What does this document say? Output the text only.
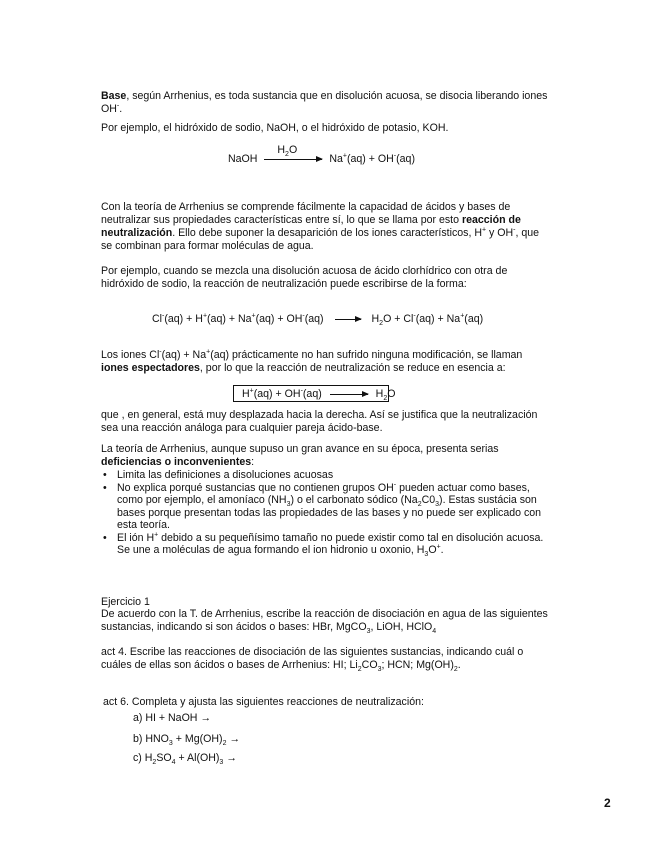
Base, según Arrhenius, es toda sustancia que en disolución acuosa, se disocia liberando iones OH-.

Por ejemplo, el hidróxido de sodio, NaOH, o el hidróxido de potasio, KOH.

NaOH
$H_2O$
Na+(aq) + OH-(aq)

Con la teoría de Arrhenius se comprende fácilmente la capacidad de ácidos y bases de neutralizar sus propiedades características entre sí, lo que se llama por esto reacción de neutralización. Ello debe suponer la desaparición de los iones característicos, H+ y OH-, que se combinan para formar moléculas de agua.

Por ejemplo, cuando se mezcla una disolución acuosa de ácido clorhídrico con otra de hidróxido de sodio, la reacción de neutralización puede escribirse de la forma:

Cl-(aq) + H+(aq) + Na+(aq) + OH-(aq)	$H_2O + Cl^-(aq) + Na^+(aq)$

Los iones Cl-(aq) + Na+(aq) prácticamente no han sufrido ninguna modificación, se llaman iones espectadores, por lo que la reacción de neutralización se reduce en esencia a:

H+(aq) + OH-(aq)	$H_2O$

que , en general, está muy desplazada hacia la derecha. Así se justifica que la neutralización sea una reacción análoga para cualquier pareja ácido-base.

La teoría de Arrhenius, aunque supuso un gran avance en su época, presenta serias deficiencias o inconvenientes:

• Limita las definiciones a disoluciones acuosas
• No explica porqué sustancias que no contienen grupos OH- pueden actuar como bases, como por ejemplo, el amoníaco $(NH_3)$ o el carbonato sódico $(Na_2C0_3)$. Estas sustácia son bases porque presentan todas las propiedades de las bases y no puede ser explicado con esta teoría.
• El ión H+ debido a su pequeñísimo tamaño no puede existir como tal en disolución acuosa. Se une a moléculas de agua formando el ion hidronio u oxonio, $H_3O^+$.

Ejercicio 1

De acuerdo con la T. de Arrhenius, escribe la reacción de disociación en agua de las siguientes sustancias, indicando si son ácidos o bases: HBr, MgCO$_3$, LiOH, HClO$_4$

act 4. Escribe las reacciones de disociación de las siguientes sustancias, indicando cuál o cuáles de ellas son ácidos o bases de Arrhenius: HI; $Li_2CO_3$; HCN; $Mg(OH)_2$.

act 6. Completa y ajusta las siguientes reacciones de neutralización:

a) HI + NaOH →
b) $HNO_3 + Mg(OH)_2$ →
c) $H_2SO_4 + Al(OH)_3$ →
2
